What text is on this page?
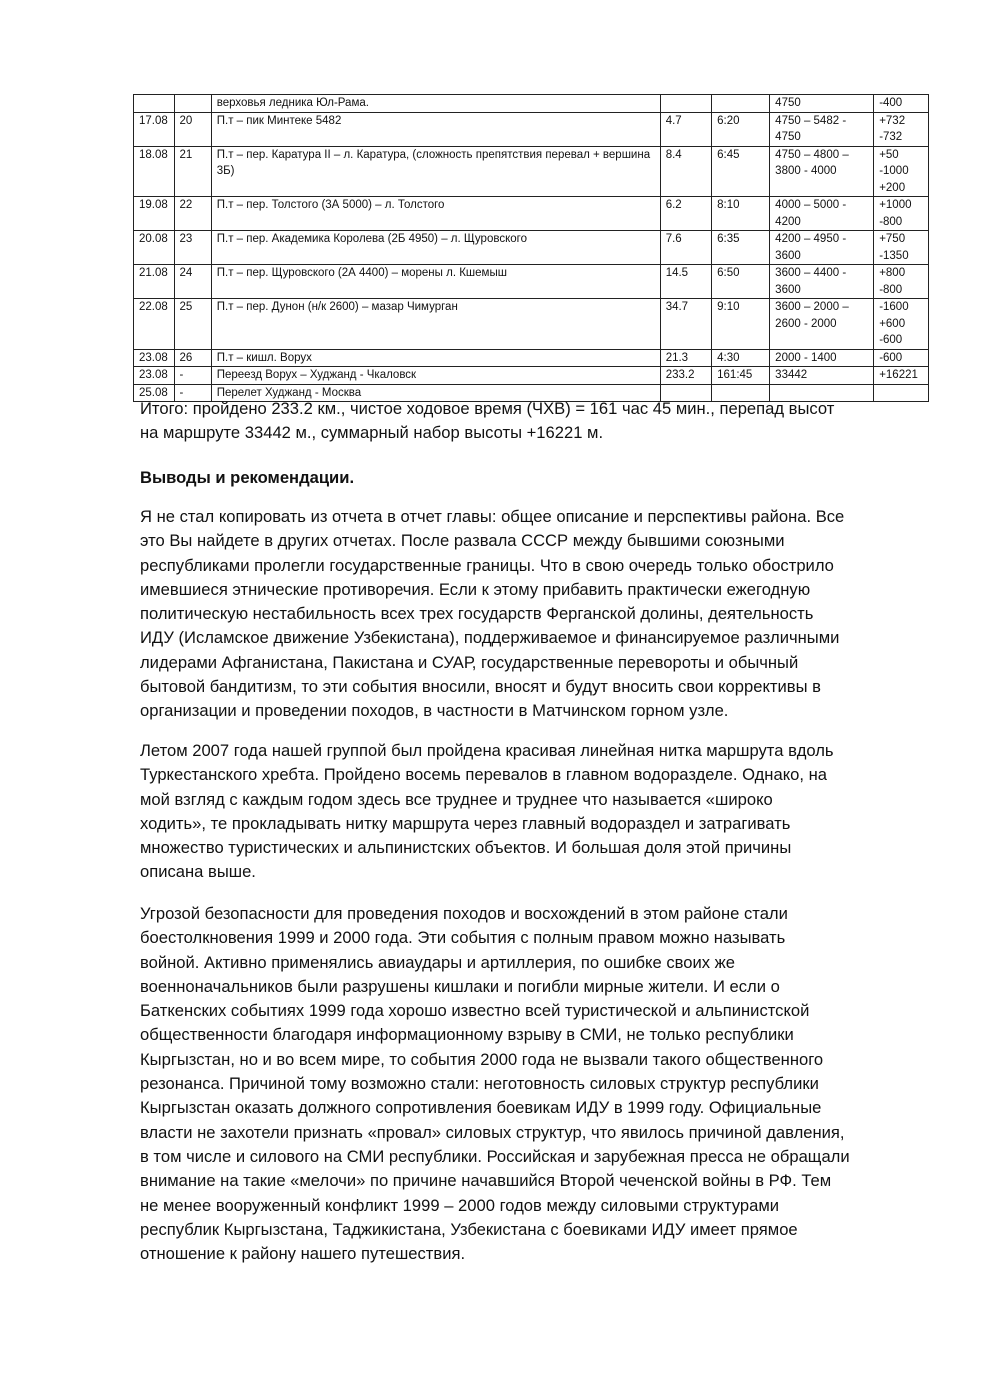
		верховья ледника Юл-Рама.			4750	-400
17.08	20	П.т – пик Минтеке 5482	4.7	6:20	4750 – 5482 - 4750	+732 -732
18.08	21	П.т – пер. Каратура II – л. Каратура, (сложность препятствия перевал + вершина 3Б)	8.4	6:45	4750 – 4800 – 3800 - 4000	+50 -1000 +200
19.08	22	П.т – пер. Толстого (3А 5000) – л. Толстого	6.2	8:10	4000 – 5000 - 4200	+1000 -800
20.08	23	П.т – пер. Академика Королева (2Б 4950) – л. Щуровского	7.6	6:35	4200 – 4950 - 3600	+750 -1350
21.08	24	П.т – пер. Щуровского (2А 4400) – морены л. Кшемыш	14.5	6:50	3600 – 4400 - 3600	+800 -800
22.08	25	П.т – пер. Дунон (н/к 2600) – мазар Чимурган	34.7	9:10	3600 – 2000 – 2600 - 2000	-1600 +600 -600
23.08	26	П.т – кишл. Ворух	21.3	4:30	2000 - 1400	-600
23.08	-	Переезд Ворух – Худжанд - Чкаловск	233.2	161:45	33442	+16221
25.08	-	Перелет Худжанд - Москва				
Итого: пройдено 233.2 км., чистое ходовое время (ЧХВ) = 161 час 45 мин., перепад высот
на маршруте 33442 м., суммарный набор высоты +16221 м.
Выводы и рекомендации.
Я не стал копировать из отчета в отчет главы: общее описание и перспективы района. Все
это Вы найдете в других отчетах. После развала СССР между бывшими союзными
республиками пролегли государственные границы. Что в свою очередь только обострило
имевшиеся этнические противоречия. Если к этому прибавить практически ежегодную
политическую нестабильность всех трех государств Ферганской долины, деятельность
ИДУ (Исламское движение Узбекистана), поддерживаемое и финансируемое различными
лидерами Афганистана, Пакистана и СУАР, государственные перевороты и обычный
бытовой бандитизм, то эти события вносили, вносят и будут вносить свои коррективы в
организации и проведении походов, в частности в Матчинском горном узле.
Летом 2007 года нашей группой был пройдена красивая линейная нитка маршрута вдоль
Туркестанского хребта. Пройдено восемь перевалов в главном водоразделе. Однако, на
мой взгляд с каждым годом здесь все труднее и труднее что называется «широко
ходить», те прокладывать нитку маршрута через главный водораздел и затрагивать
множество туристических и альпинистских объектов. И большая доля этой причины
описана выше.
Угрозой безопасности для проведения походов и восхождений в этом районе стали
боестолкновения 1999 и 2000 года. Эти события с полным правом можно называть
войной. Активно применялись авиаудары и артиллерия, по ошибке своих же
военноначальников были разрушены кишлаки и погибли мирные жители. И если о
Баткенских событиях 1999 года хорошо известно всей туристической и альпинистской
общественности благодаря информационному взрыву в СМИ, не только республики
Кыргызстан, но и во всем мире, то события 2000 года не вызвали такого общественного
резонанса. Причиной тому возможно стали: неготовность силовых структур республики
Кыргызстан оказать должного сопротивления боевикам ИДУ в 1999 году. Официальные
власти не захотели признать «провал» силовых структур, что явилось причиной давления,
в том числе и силового на СМИ республики. Российская и зарубежная пресса не обращали
внимание на такие «мелочи» по причине начавшийся Второй чеченской войны в РФ. Тем
не менее вооруженный конфликт 1999 – 2000 годов между силовыми структурами
республик Кыргызстана, Таджикистана, Узбекистана с боевиками ИДУ имеет прямое
отношение к району нашего путешествия.
